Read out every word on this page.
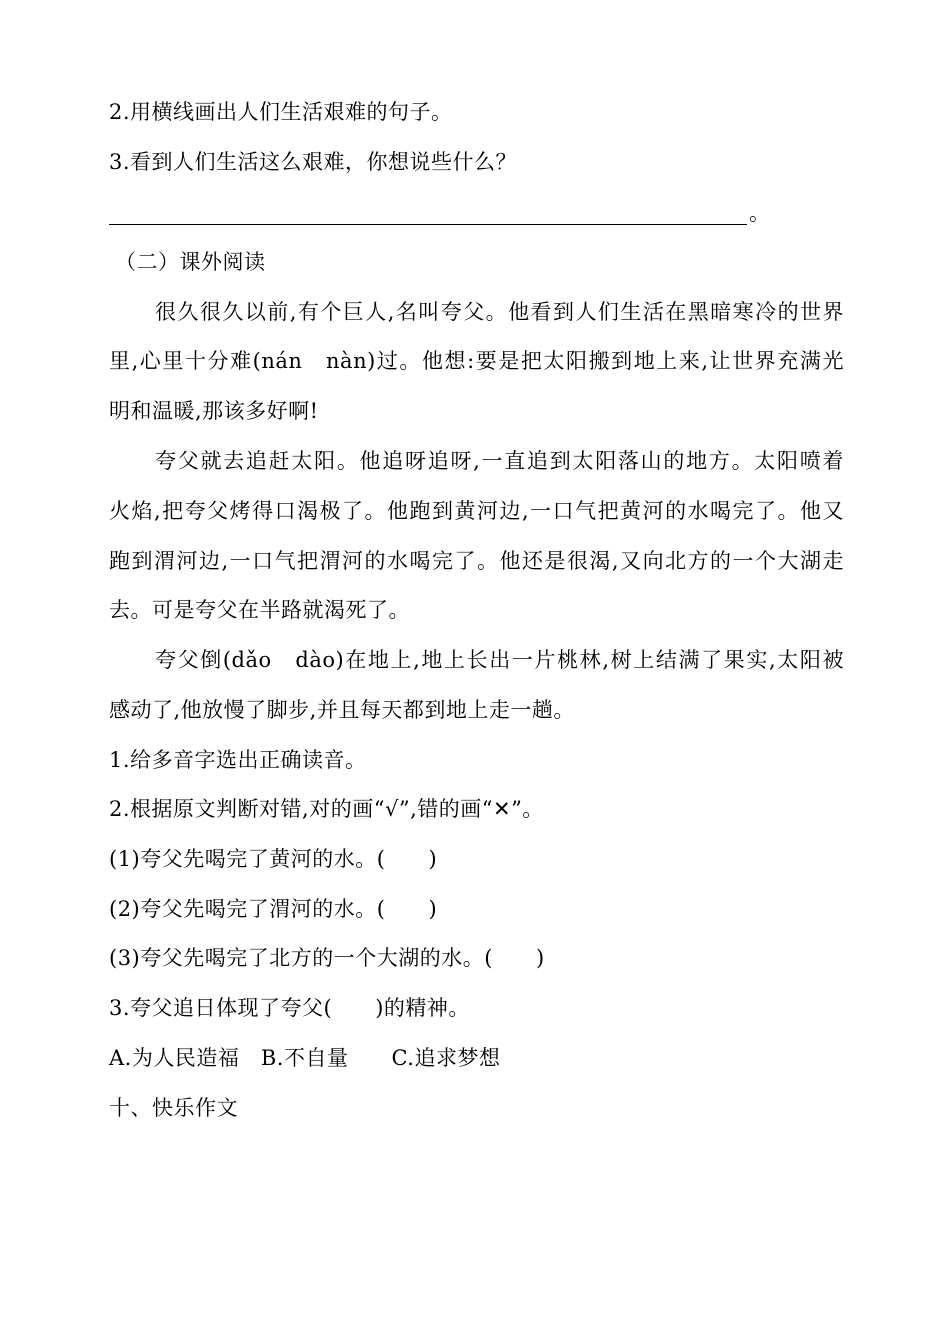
2.用横线画出人们生活艰难的句子。
3.看到人们生活这么艰难，你想说些什么？
。
（二）课外阅读
很久很久以前,有个巨人,名叫夸父。他看到人们生活在黑暗寒冷的世界
里,心里十分难(nán　nàn)过。他想:要是把太阳搬到地上来,让世界充满光
明和温暖,那该多好啊!
夸父就去追赶太阳。他追呀追呀,一直追到太阳落山的地方。太阳喷着
火焰,把夸父烤得口渴极了。他跑到黄河边,一口气把黄河的水喝完了。他又
跑到渭河边,一口气把渭河的水喝完了。他还是很渴,又向北方的一个大湖走
去。可是夸父在半路就渴死了。
夸父倒(dǎo　dào)在地上,地上长出一片桃林,树上结满了果实,太阳被
感动了,他放慢了脚步,并且每天都到地上走一趟。
1.给多音字选出正确读音。
2.根据原文判断对错,对的画“√”,错的画“✕”。
(1)夸父先喝完了黄河的水。(　　)
(2)夸父先喝完了渭河的水。(　　)
(3)夸父先喝完了北方的一个大湖的水。(　　)
3.夸父追日体现了夸父(　　)的精神。
A.为人民造福　B.不自量　　C.追求梦想
十、快乐作文
